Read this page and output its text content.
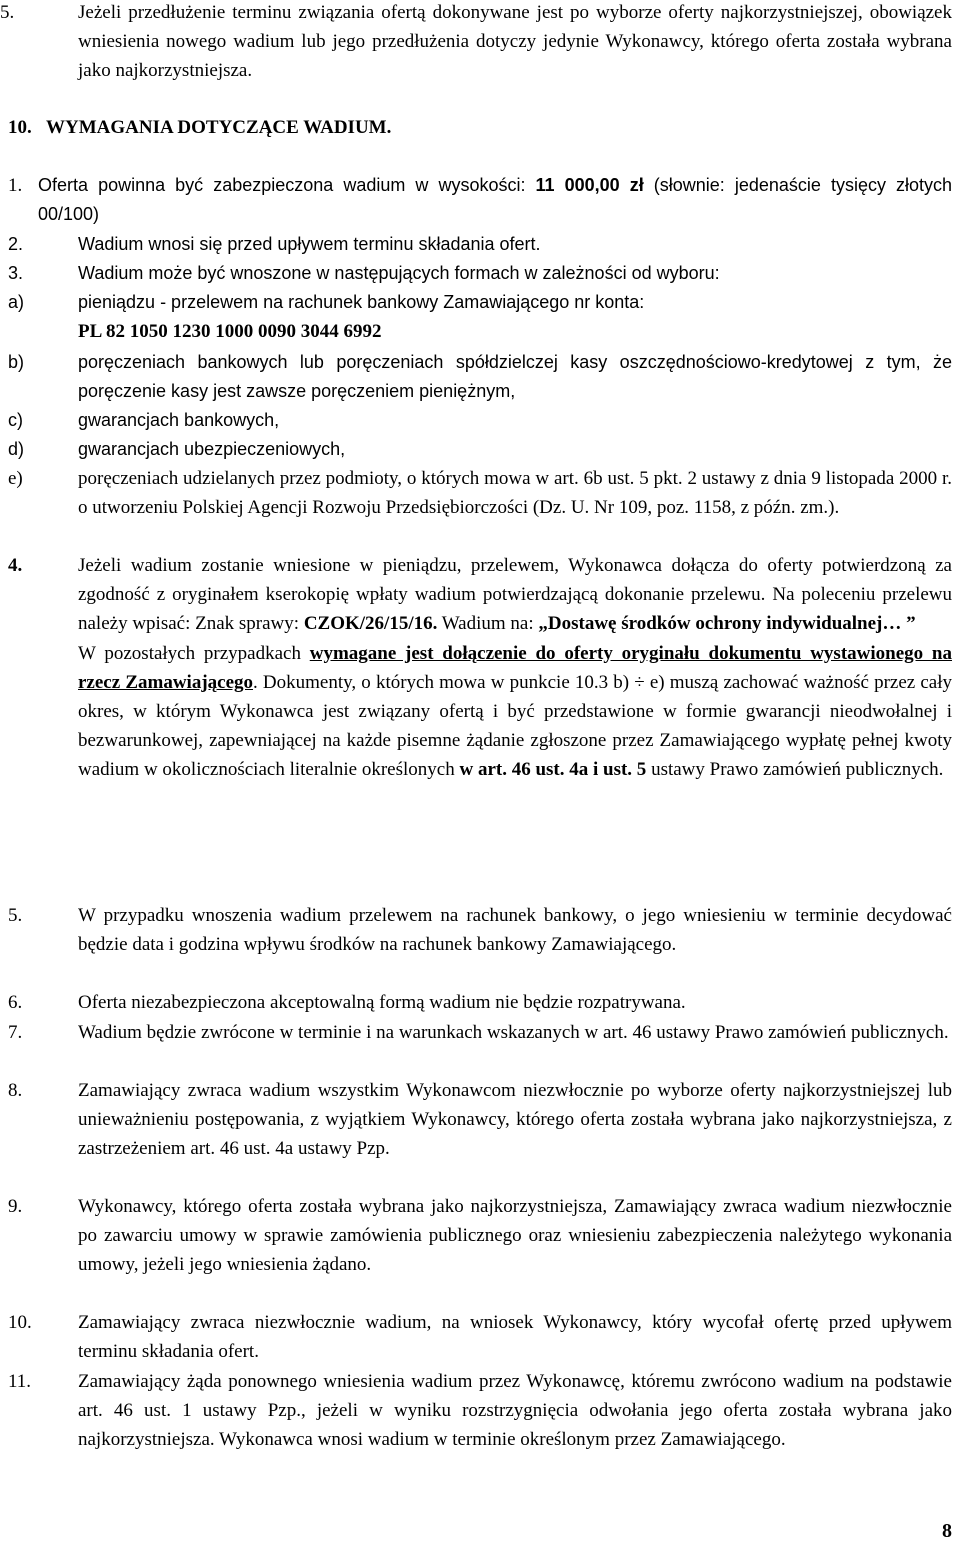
5.	Jeżeli przedłużenie terminu związania ofertą dokonywane jest po wyborze oferty najkorzystniejszej, obowiązek wniesienia nowego wadium lub jego przedłużenia dotyczy jedynie Wykonawcy, którego oferta została wybrana jako najkorzystniejsza.
10. WYMAGANIA DOTYCZĄCE WADIUM.
1. Oferta powinna być zabezpieczona wadium w wysokości: 11 000,00 zł (słownie: jedenaście tysięcy złotych 00/100)
2.	Wadium wnosi się przed upływem terminu składania ofert.
3.	Wadium może być wnoszone w następujących formach w zależności od wyboru:
a)	pieniądzu - przelewem na rachunek bankowy Zamawiającego nr konta:
PL 82 1050 1230 1000 0090 3044 6992
b)	poręczeniach bankowych lub poręczeniach spółdzielczej kasy oszczędnościowo-kredytowej z tym, że poręczenie kasy jest zawsze poręczeniem pieniężnym,
c)	gwarancjach bankowych,
d)	gwarancjach ubezpieczeniowych,
e)	poręczeniach udzielanych przez podmioty, o których mowa w art. 6b ust. 5 pkt. 2 ustawy z dnia 9 listopada 2000 r. o utworzeniu Polskiej Agencji Rozwoju Przedsiębiorczości (Dz. U. Nr 109, poz. 1158, z późn. zm.).
4.	Jeżeli wadium zostanie wniesione w pieniądzu, przelewem, Wykonawca dołącza do oferty potwierdzoną za zgodność z oryginałem kserokopię wpłaty wadium potwierdzającą dokonanie przelewu. Na poleceniu przelewu należy wpisać: Znak sprawy: CZOK/26/15/16. Wadium na: „Dostawę środków ochrony indywidualnej… ”
W pozostałych przypadkach wymagane jest dołączenie do oferty oryginału dokumentu wystawionego na rzecz Zamawiającego. Dokumenty, o których mowa w punkcie 10.3 b) ÷ e) muszą zachować ważność przez cały okres, w którym Wykonawca jest związany ofertą i być przedstawione w formie gwarancji nieodwołalnej i bezwarunkowej, zapewniającej na każde pisemne żądanie zgłoszone przez Zamawiającego wypłatę pełnej kwoty wadium w okolicznościach literalnie określonych w art. 46 ust. 4a i ust. 5 ustawy Prawo zamówień publicznych.
5.	W przypadku wnoszenia wadium przelewem na rachunek bankowy, o jego wniesieniu w terminie decydować będzie data i godzina wpływu środków na rachunek bankowy Zamawiającego.
6.	Oferta niezabezpieczona akceptowalną formą wadium nie będzie rozpatrywana.
7.	Wadium będzie zwrócone w terminie i na warunkach wskazanych w art. 46 ustawy Prawo zamówień publicznych.
8.	Zamawiający zwraca wadium wszystkim Wykonawcom niezwłocznie po wyborze oferty najkorzystniejszej lub unieważnieniu postępowania, z wyjątkiem Wykonawcy, którego oferta została wybrana jako najkorzystniejsza, z zastrzeżeniem art. 46 ust. 4a ustawy Pzp.
9.	Wykonawcy, którego oferta została wybrana jako najkorzystniejsza, Zamawiający zwraca wadium niezwłocznie po zawarciu umowy w sprawie zamówienia publicznego oraz wniesieniu zabezpieczenia należytego wykonania umowy, jeżeli jego wniesienia żądano.
10.	Zamawiający zwraca niezwłocznie wadium, na wniosek Wykonawcy, który wycofał ofertę przed upływem terminu składania ofert.
11.	Zamawiający żąda ponownego wniesienia wadium przez Wykonawcę, któremu zwrócono wadium na podstawie art. 46 ust. 1 ustawy Pzp., jeżeli w wyniku rozstrzygnięcia odwołania jego oferta została wybrana jako najkorzystniejsza. Wykonawca wnosi wadium w terminie określonym przez Zamawiającego.
8
